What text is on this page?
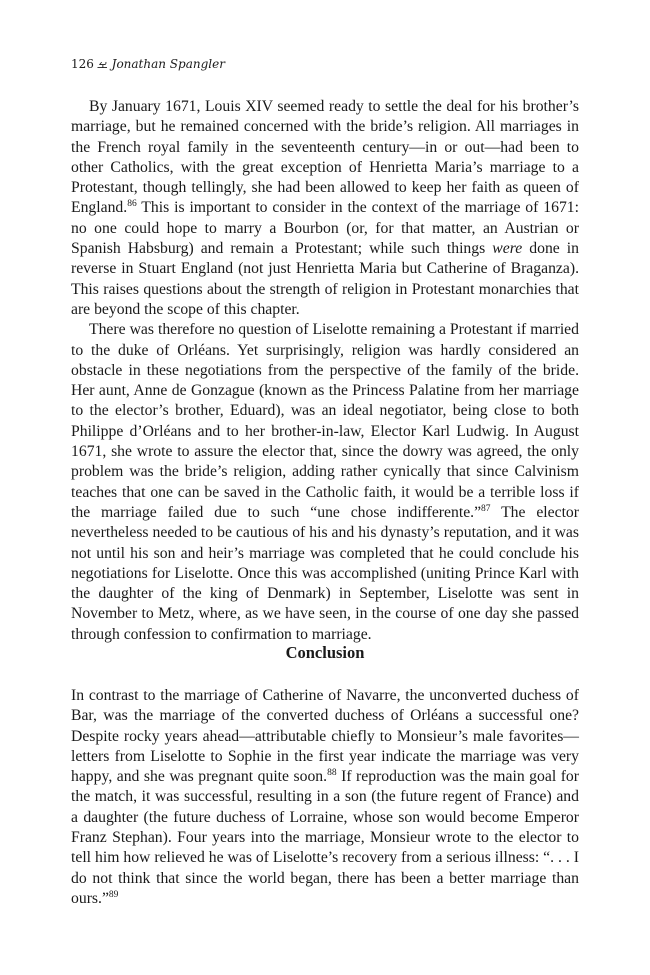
126 ࡁ Jonathan Spangler

By January 1671, Louis XIV seemed ready to settle the deal for his brother’s marriage, but he remained concerned with the bride’s religion. All marriages in the French royal family in the seventeenth century—in or out—had been to other Catholics, with the great exception of Henrietta Maria’s marriage to a Protestant, though tellingly, she had been allowed to keep her faith as queen of England.$^{86}$ This is important to consider in the context of the marriage of 1671: no one could hope to marry a Bourbon (or, for that matter, an Austrian or Spanish Habsburg) and remain a Protestant; while such things were done in reverse in Stuart England (not just Henrietta Maria but Catherine of Braganza). This raises questions about the strength of religion in Protestant monarchies that are beyond the scope of this chapter.

There was therefore no question of Liselotte remaining a Protestant if married to the duke of Orléans. Yet surprisingly, religion was hardly considered an obstacle in these negotiations from the perspective of the family of the bride. Her aunt, Anne de Gonzague (known as the Princess Palatine from her marriage to the elector’s brother, Eduard), was an ideal negotiator, being close to both Philippe d’Orléans and to her brother-in-law, Elector Karl Ludwig. In August 1671, she wrote to assure the elector that, since the dowry was agreed, the only problem was the bride’s religion, adding rather cynically that since Calvinism teaches that one can be saved in the Catholic faith, it would be a terrible loss if the marriage failed due to such “une chose indifferente.”$^{87}$ The elector nevertheless needed to be cautious of his and his dynasty’s reputation, and it was not until his son and heir’s marriage was completed that he could conclude his negotiations for Liselotte. Once this was accomplished (uniting Prince Karl with the daughter of the king of Denmark) in September, Liselotte was sent in November to Metz, where, as we have seen, in the course of one day she passed through confession to confirmation to marriage.

Conclusion

In contrast to the marriage of Catherine of Navarre, the unconverted duchess of Bar, was the marriage of the converted duchess of Orléans a successful one? Despite rocky years ahead—attributable chiefly to Monsieur’s male favorites—letters from Liselotte to Sophie in the first year indicate the marriage was very happy, and she was pregnant quite soon.$^{88}$ If reproduction was the main goal for the match, it was successful, resulting in a son (the future regent of France) and a daughter (the future duchess of Lorraine, whose son would become Emperor Franz Stephan). Four years into the marriage, Monsieur wrote to the elector to tell him how relieved he was of Liselotte’s recovery from a serious illness: “. . . I do not think that since the world began, there has been a better marriage than ours.”$^{89}$
